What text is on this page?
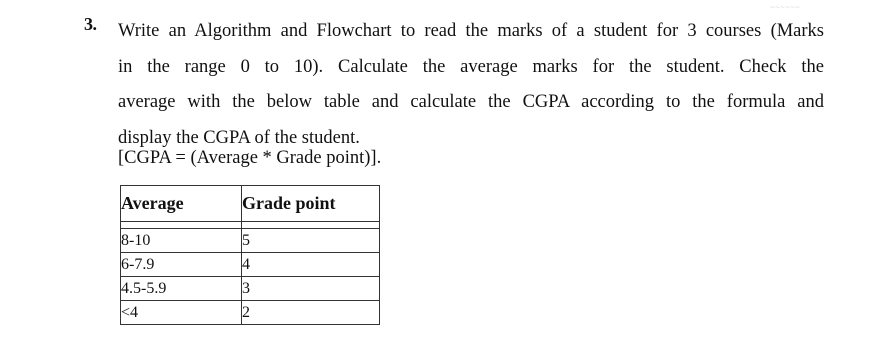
~~~~~~
3. Write an Algorithm and Flowchart to read the marks of a student for 3 courses (Marks
in the range 0 to 10). Calculate the average marks for the student. Check the
average with the below table and calculate the CGPA according to the formula and
display the CGPA of the student.
[CGPA = (Average * Grade point)].
Average	Grade point

8-10	5
6-7.9	4
4.5-5.9	3
<4	2
